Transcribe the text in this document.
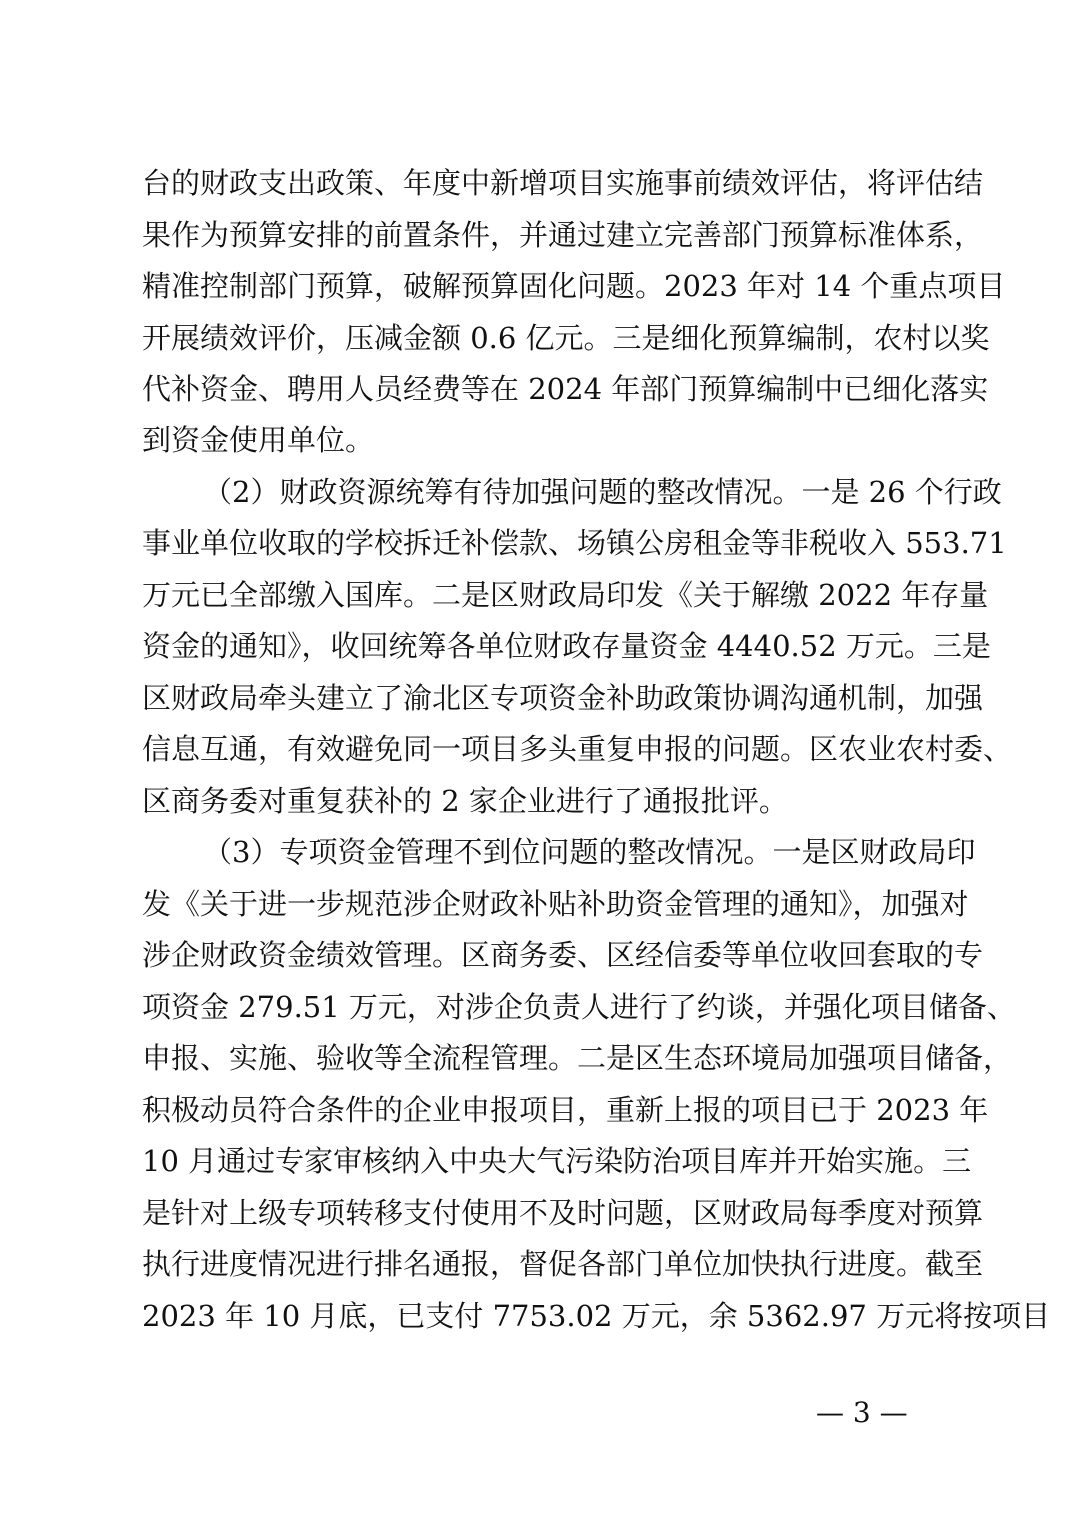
台的财政支出政策、年度中新增项目实施事前绩效评估，将评估结
果作为预算安排的前置条件，并通过建立完善部门预算标准体系，
精准控制部门预算，破解预算固化问题。2023 年对 14 个重点项目
开展绩效评价，压减金额 0.6 亿元。三是细化预算编制，农村以奖
代补资金、聘用人员经费等在 2024 年部门预算编制中已细化落实
到资金使用单位。
（2）财政资源统筹有待加强问题的整改情况。一是 26 个行政
事业单位收取的学校拆迁补偿款、场镇公房租金等非税收入 553.71
万元已全部缴入国库。二是区财政局印发《关于解缴 2022 年存量
资金的通知》，收回统筹各单位财政存量资金 4440.52 万元。三是
区财政局牵头建立了渝北区专项资金补助政策协调沟通机制，加强
信息互通，有效避免同一项目多头重复申报的问题。区农业农村委、
区商务委对重复获补的 2 家企业进行了通报批评。
（3）专项资金管理不到位问题的整改情况。一是区财政局印
发《关于进一步规范涉企财政补贴补助资金管理的通知》，加强对
涉企财政资金绩效管理。区商务委、区经信委等单位收回套取的专
项资金 279.51 万元，对涉企负责人进行了约谈，并强化项目储备、
申报、实施、验收等全流程管理。二是区生态环境局加强项目储备，
积极动员符合条件的企业申报项目，重新上报的项目已于 2023 年
10 月通过专家审核纳入中央大气污染防治项目库并开始实施。三
是针对上级专项转移支付使用不及时问题，区财政局每季度对预算
执行进度情况进行排名通报，督促各部门单位加快执行进度。截至
2023 年 10 月底，已支付 7753.02 万元，余 5362.97 万元将按项目
— 3 —
